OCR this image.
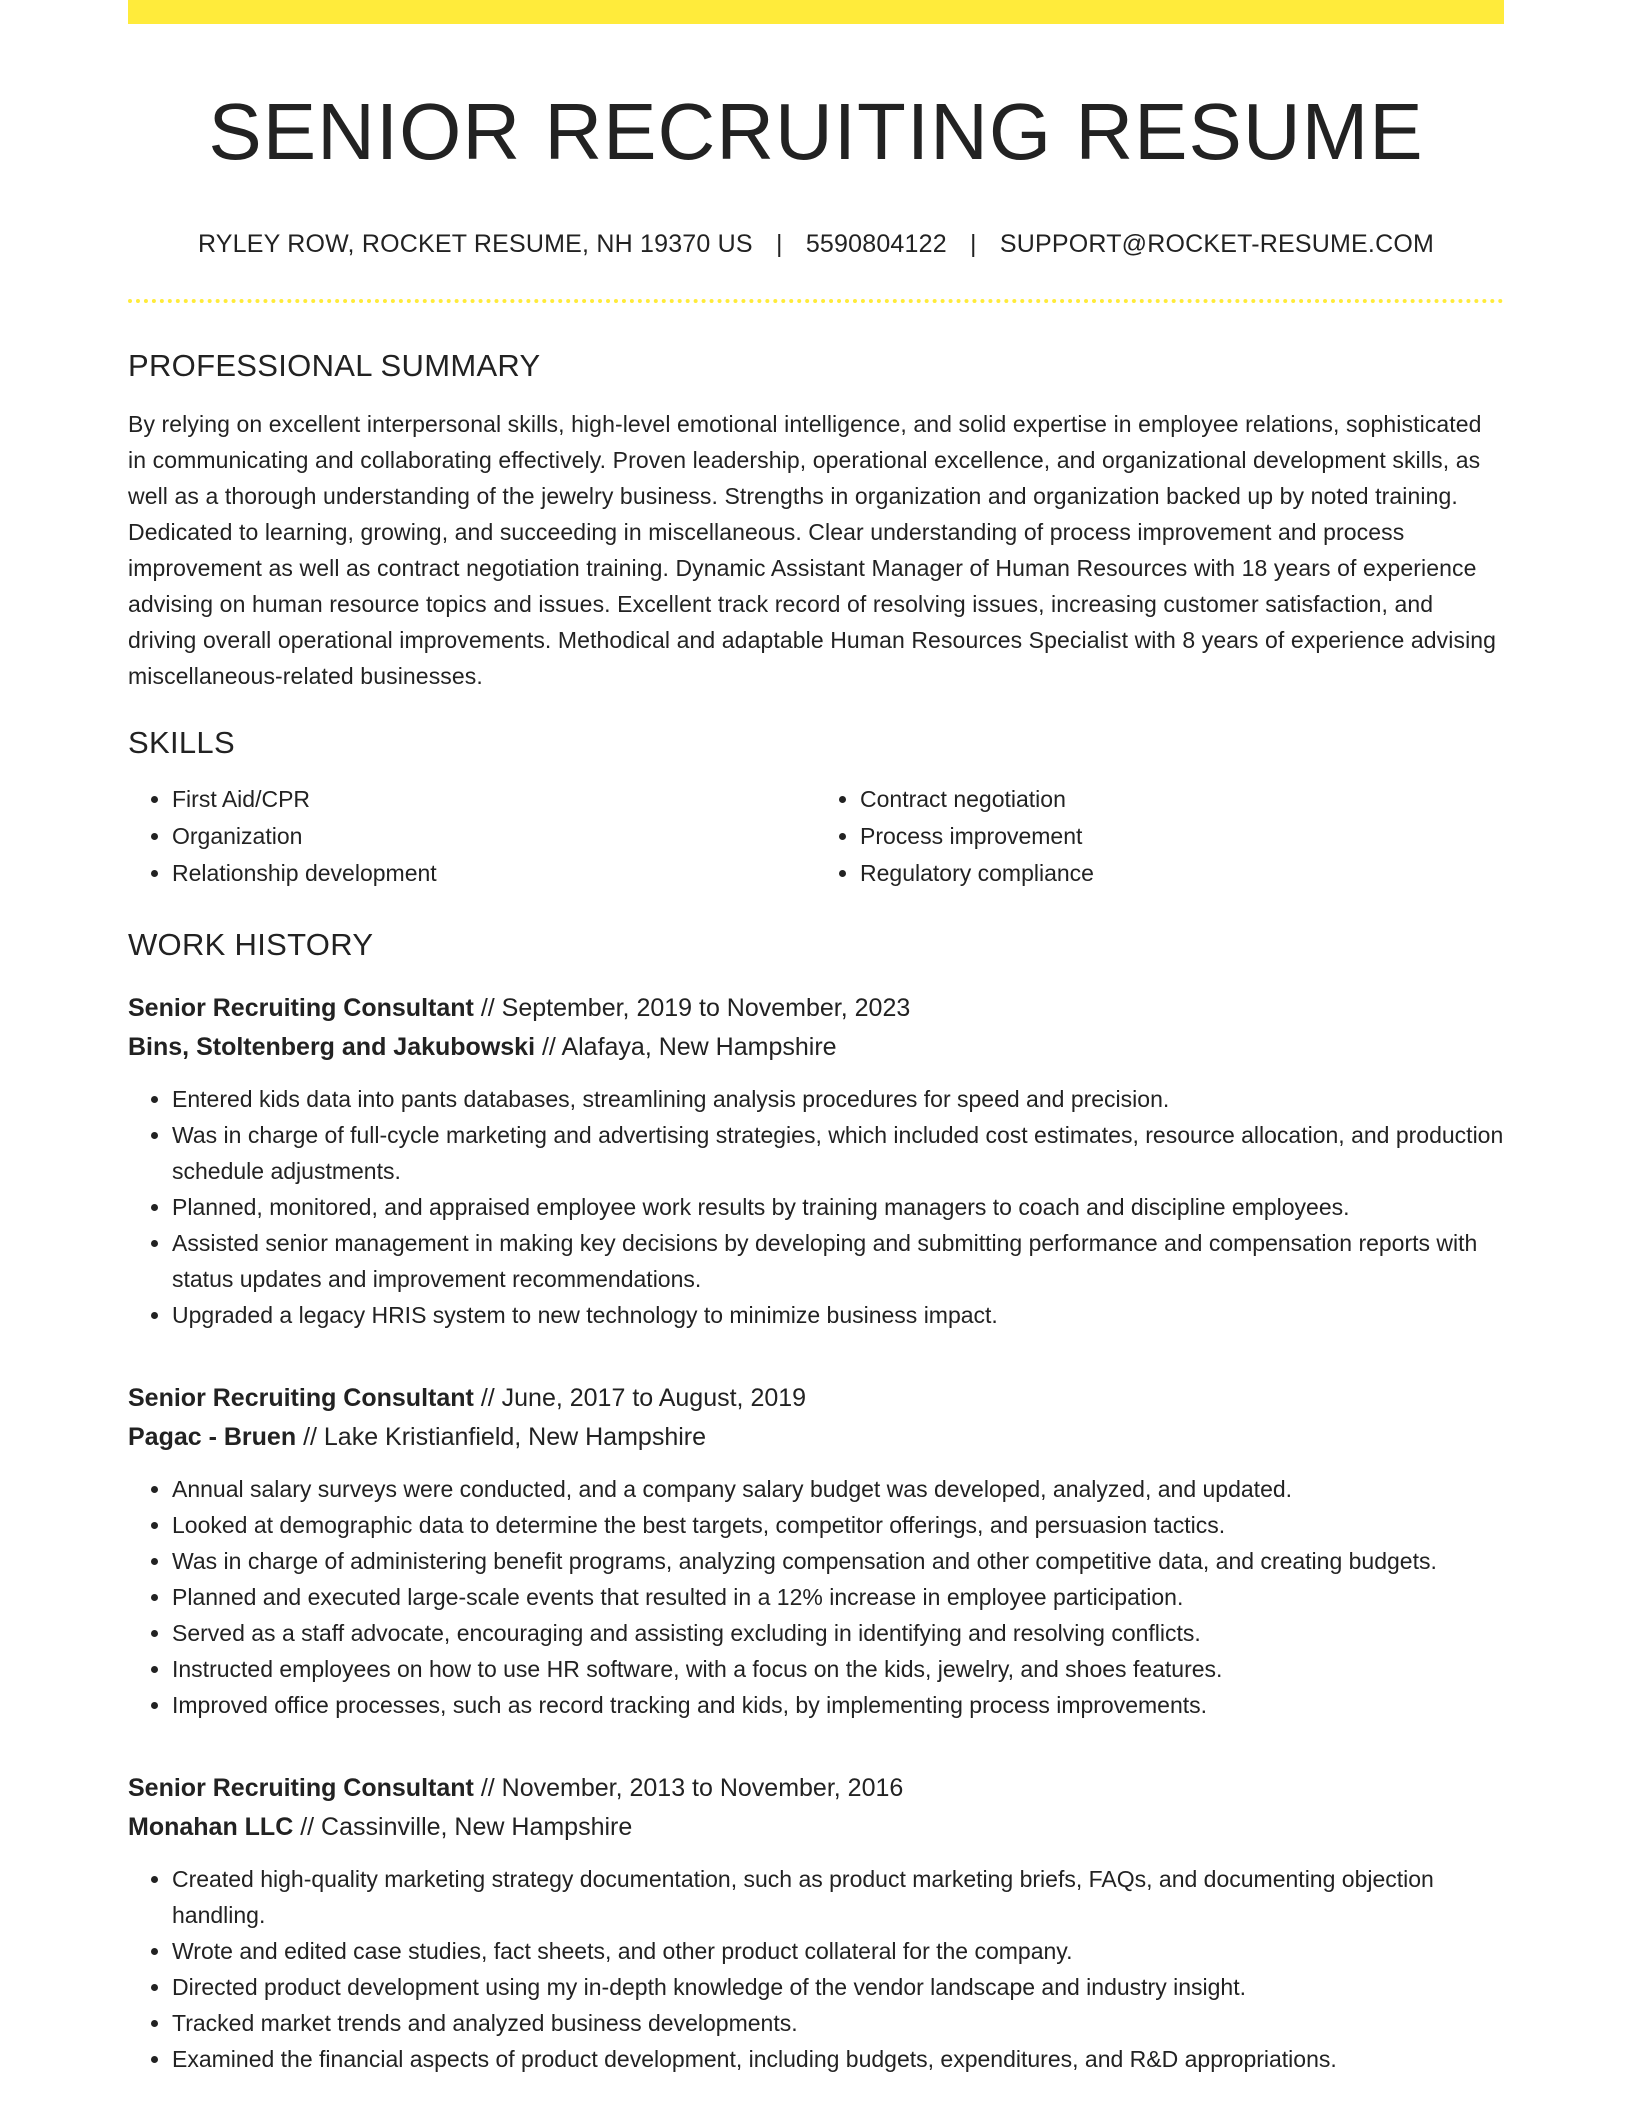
SENIOR RECRUITING RESUME
RYLEY ROW, ROCKET RESUME, NH 19370 US | 5590804122 | SUPPORT@ROCKET-RESUME.COM
PROFESSIONAL SUMMARY
By relying on excellent interpersonal skills, high-level emotional intelligence, and solid expertise in employee relations, sophisticated in communicating and collaborating effectively. Proven leadership, operational excellence, and organizational development skills, as well as a thorough understanding of the jewelry business. Strengths in organization and organization backed up by noted training. Dedicated to learning, growing, and succeeding in miscellaneous. Clear understanding of process improvement and process improvement as well as contract negotiation training. Dynamic Assistant Manager of Human Resources with 18 years of experience advising on human resource topics and issues. Excellent track record of resolving issues, increasing customer satisfaction, and driving overall operational improvements. Methodical and adaptable Human Resources Specialist with 8 years of experience advising miscellaneous-related businesses.
SKILLS
• First Aid/CPR
• Organization
• Relationship development
• Contract negotiation
• Process improvement
• Regulatory compliance
WORK HISTORY
Senior Recruiting Consultant // September, 2019 to November, 2023
Bins, Stoltenberg and Jakubowski // Alafaya, New Hampshire
• Entered kids data into pants databases, streamlining analysis procedures for speed and precision.
• Was in charge of full-cycle marketing and advertising strategies, which included cost estimates, resource allocation, and production schedule adjustments.
• Planned, monitored, and appraised employee work results by training managers to coach and discipline employees.
• Assisted senior management in making key decisions by developing and submitting performance and compensation reports with status updates and improvement recommendations.
• Upgraded a legacy HRIS system to new technology to minimize business impact.
Senior Recruiting Consultant // June, 2017 to August, 2019
Pagac - Bruen // Lake Kristianfield, New Hampshire
• Annual salary surveys were conducted, and a company salary budget was developed, analyzed, and updated.
• Looked at demographic data to determine the best targets, competitor offerings, and persuasion tactics.
• Was in charge of administering benefit programs, analyzing compensation and other competitive data, and creating budgets.
• Planned and executed large-scale events that resulted in a 12% increase in employee participation.
• Served as a staff advocate, encouraging and assisting excluding in identifying and resolving conflicts.
• Instructed employees on how to use HR software, with a focus on the kids, jewelry, and shoes features.
• Improved office processes, such as record tracking and kids, by implementing process improvements.
Senior Recruiting Consultant // November, 2013 to November, 2016
Monahan LLC // Cassinville, New Hampshire
• Created high-quality marketing strategy documentation, such as product marketing briefs, FAQs, and documenting objection handling.
• Wrote and edited case studies, fact sheets, and other product collateral for the company.
• Directed product development using my in-depth knowledge of the vendor landscape and industry insight.
• Tracked market trends and analyzed business developments.
• Examined the financial aspects of product development, including budgets, expenditures, and R&D appropriations.
